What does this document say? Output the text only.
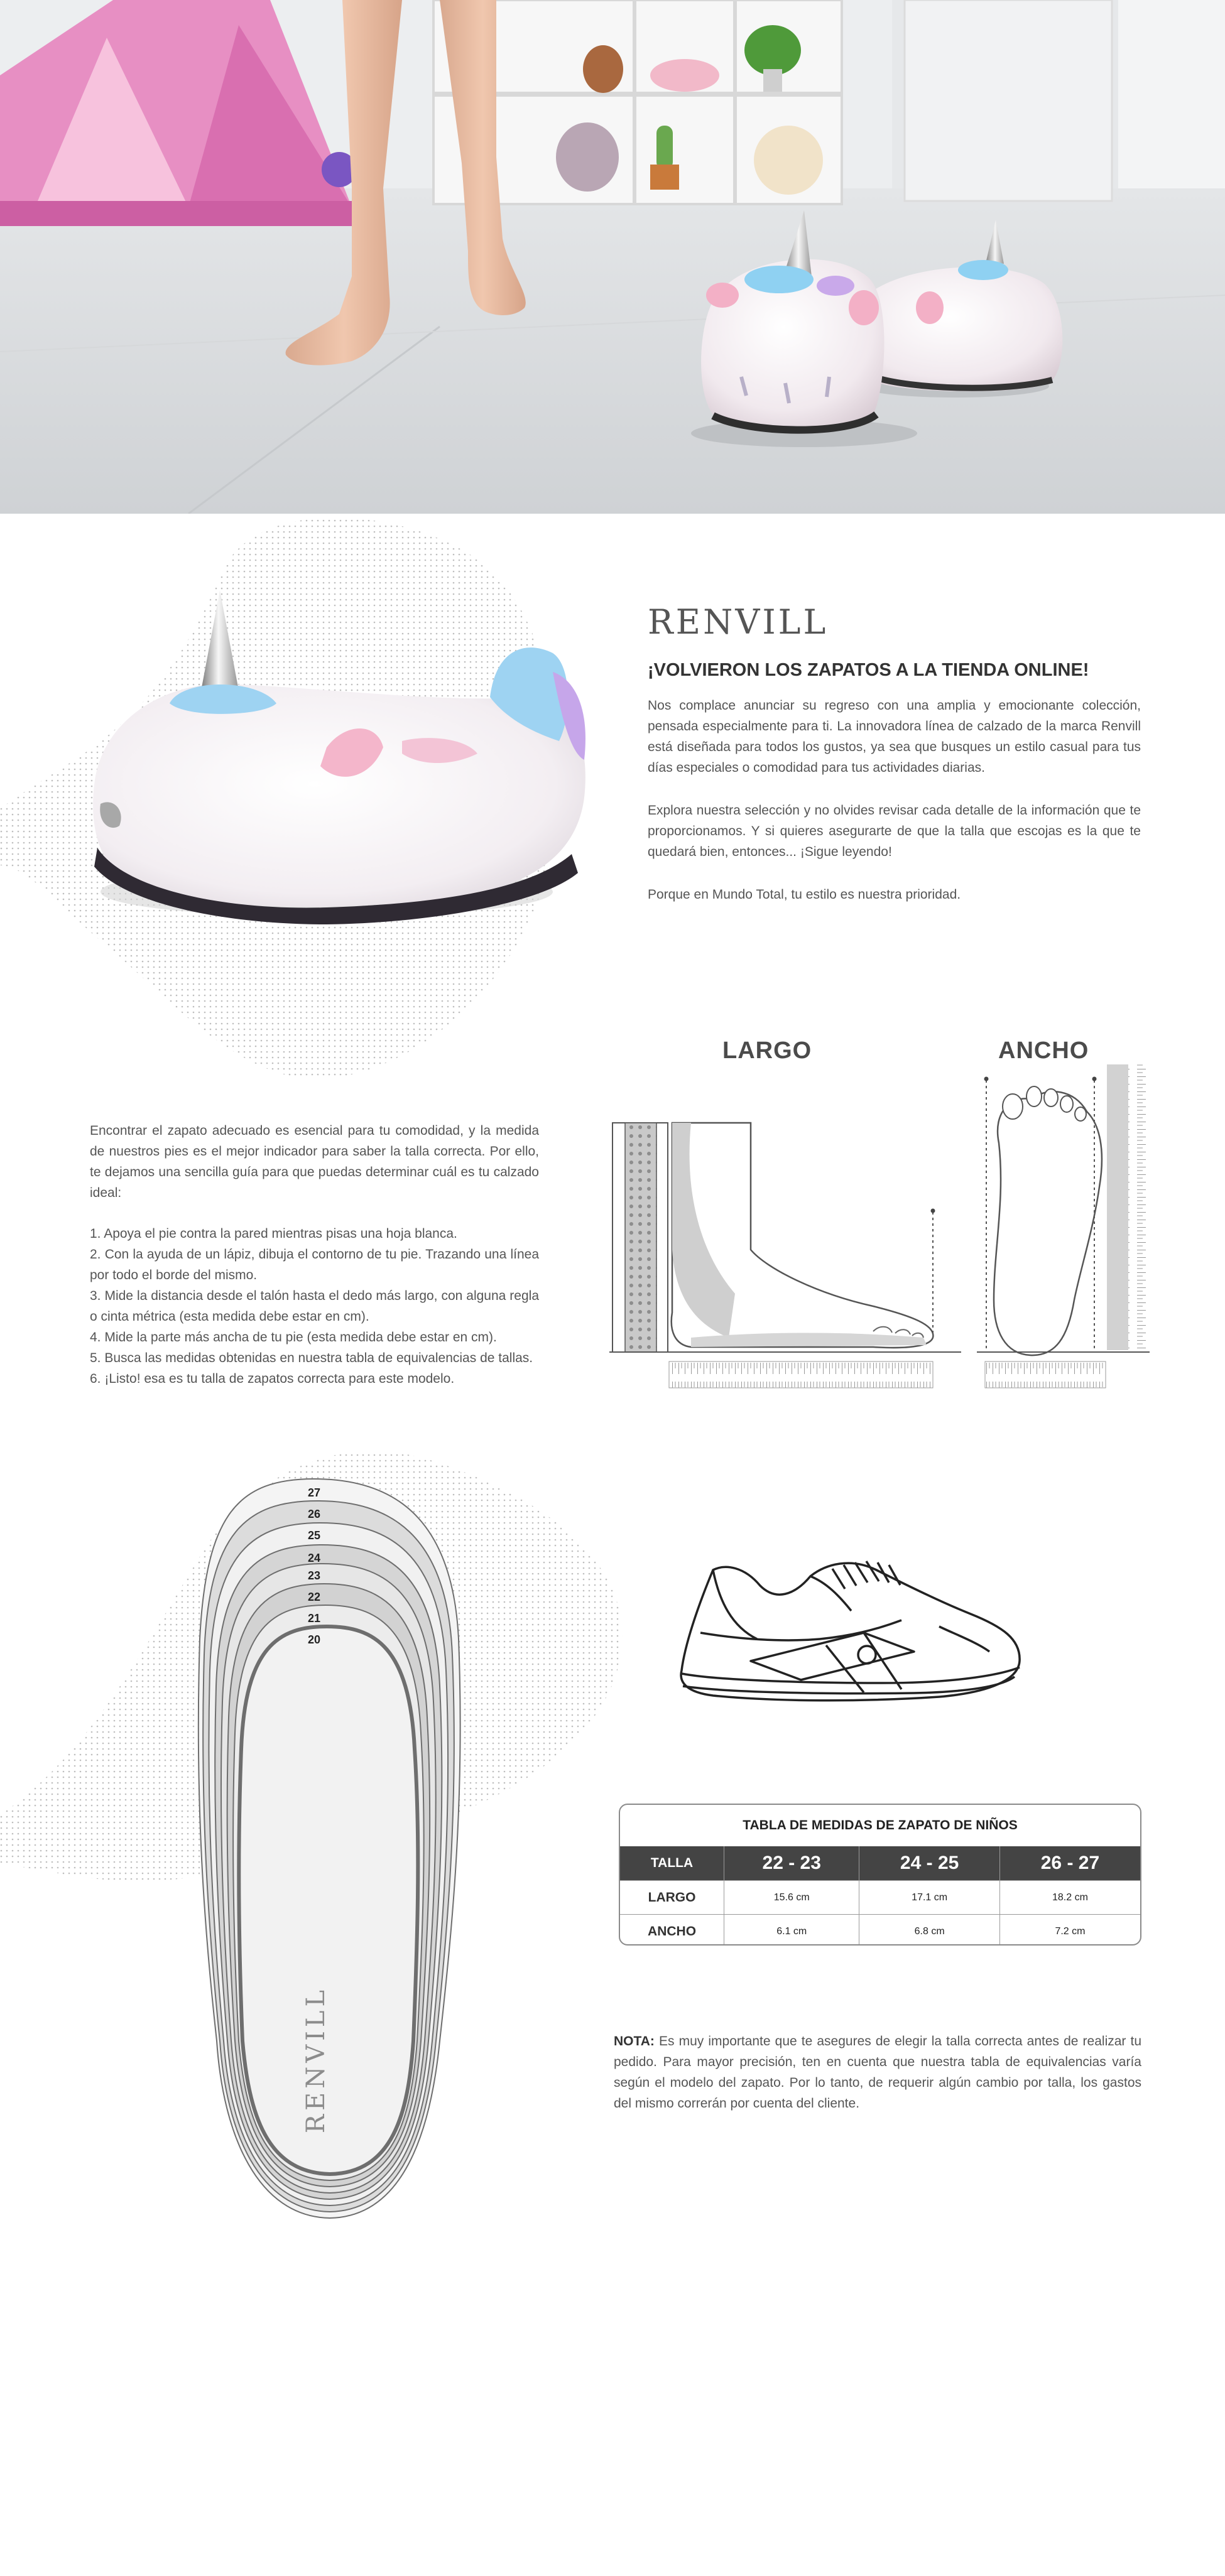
RENVILL
¡VOLVIERON LOS ZAPATOS A LA TIENDA ONLINE!
Nos complace anunciar su regreso con una amplia y emocionante colección, pensada especialmente para ti. La innovadora línea de calzado de la marca Renvill está diseñada para todos los gustos, ya sea que busques un estilo casual para tus días especiales o comodidad para tus actividades diarias.
Explora nuestra selección y no olvides revisar cada detalle de la información que te proporcionamos. Y si quieres asegurarte de que la talla que escojas es la que te quedará bien, entonces... ¡Sigue leyendo!
Porque en Mundo Total, tu estilo es nuestra prioridad.
Encontrar el zapato adecuado es esencial para tu comodidad, y la medida de nuestros pies es el mejor indicador para saber la talla correcta. Por ello, te dejamos una sencilla guía para que puedas determinar cuál es tu calzado ideal:
1. Apoya el pie contra la pared mientras pisas una hoja blanca.
2. Con la ayuda de un lápiz, dibuja el contorno de tu pie. Trazando una línea por todo el borde del mismo.
3. Mide la distancia desde el talón hasta el dedo más largo, con alguna regla o cinta métrica (esta medida debe estar en cm).
4. Mide la parte más ancha de tu pie (esta medida debe estar en cm).
5. Busca las medidas obtenidas en nuestra tabla de equivalencias de tallas.
6. ¡Listo! esa es tu talla de zapatos correcta para este modelo.
LARGO	ANCHO
27
26
25
24
23
22
21
20
RENVILL
TABLA DE MEDIDAS DE ZAPATO DE NIÑOS
TALLA	22 - 23	24 - 25	26 - 27
LARGO	15.6 cm	17.1 cm	18.2 cm
ANCHO	6.1 cm	6.8 cm	7.2 cm
NOTA: Es muy importante que te asegures de elegir la talla correcta antes de realizar tu pedido. Para mayor precisión, ten en cuenta que nuestra tabla de equivalencias varía según el modelo del zapato. Por lo tanto, de requerir algún cambio por talla, los gastos del mismo correrán por cuenta del cliente.
